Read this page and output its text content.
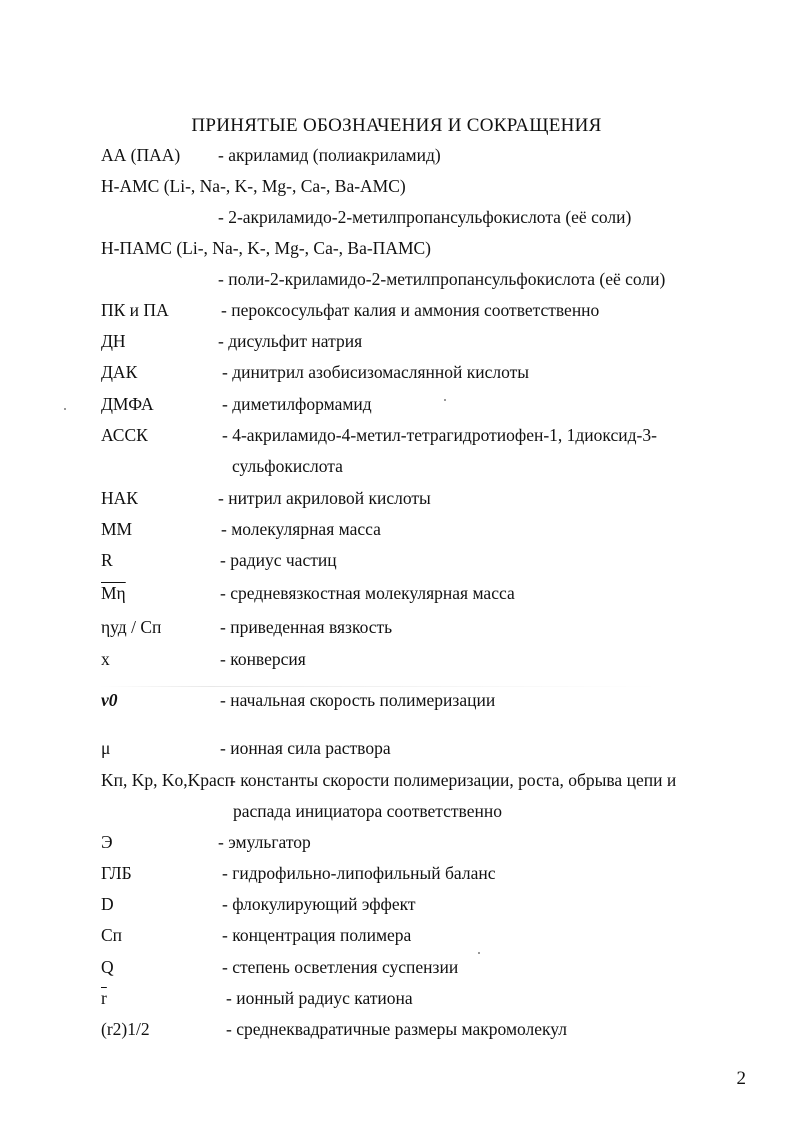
ПРИНЯТЫЕ ОБОЗНАЧЕНИЯ И СОКРАЩЕНИЯ
АА (ПАА) - акриламид (полиакриламид)
Н-АМС (Li-, Na-, K-, Mg-, Ca-, Ba-AMC)
- 2-акриламидо-2-метилпропансульфокислота (её соли)
Н-ПАМС (Li-, Na-, K-, Mg-, Ca-, Ba-ПАМС)
- поли-2-криламидо-2-метилпропансульфокислота (её соли)
ПК и ПА	- пероксосульфат калия и аммония соответственно
ДН	- дисульфит натрия
ДАК	- динитрил азобисизомаслянной кислоты
ДМФА	- диметилформамид
АССК	- 4-акриламидо-4-метил-тетрагидротиофен-1, 1диоксид-3-
сульфокислота
НАК	- нитрил акриловой кислоты
ММ	- молекулярная масса
R	- радиус частиц
$\overline{M\eta}$	- средневязкостная молекулярная масса
ηуд / Сп	- приведенная вязкость
x	- конверсия
v0	- начальная скорость полимеризации
μ	- ионная сила раствора
Kп, Kр, Kо,Kрасп
- константы скорости полимеризации, роста, обрыва цепи и
распада инициатора соответственно
Э	- эмульгатор
ГЛБ	- гидрофильно-липофильный баланс
D	- флокулирующий эффект
Сп	- концентрация полимера
Q	- степень осветления суспензии
$\overline{r}$	- ионный радиус катиона
(r2)1/2	- среднеквадратичные размеры макромолекул
2
